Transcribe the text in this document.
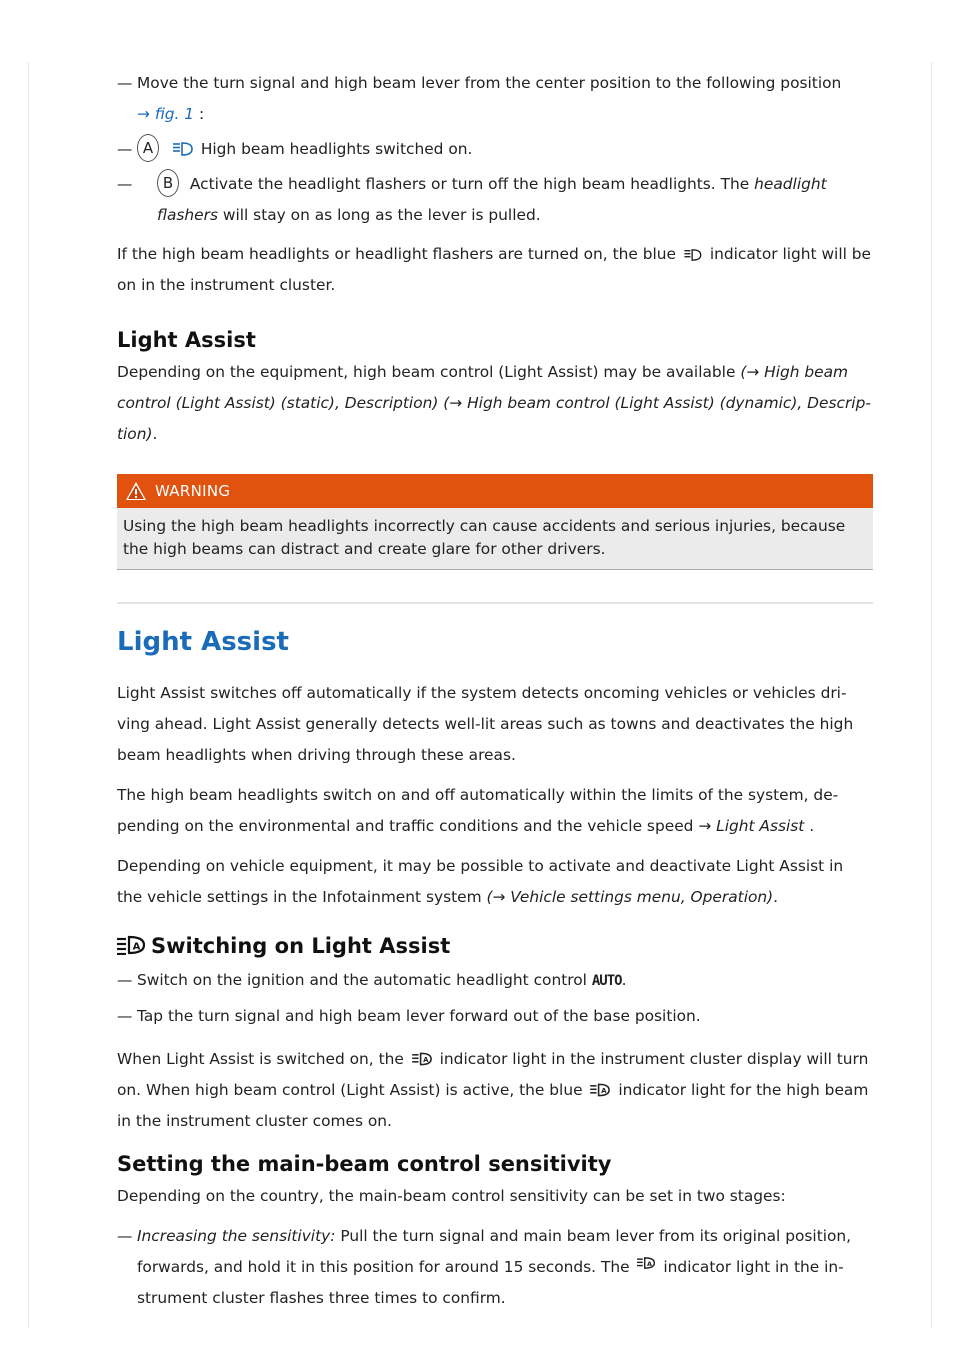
— Move the turn signal and high beam lever from the center position to the following position
→ fig. 1 :
— A	High beam headlights switched on.
— B Activate the headlight flashers or turn off the high beam headlights. The headlight flashers will stay on as long as the lever is pulled.

If the high beam headlights or headlight flashers are turned on, the blue indicator light will be on in the instrument cluster.

Light Assist

Depending on the equipment, high beam control (Light Assist) may be available (→ High beam control (Light Assist) (static), Description) (→ High beam control (Light Assist) (dynamic), Descrip-tion).

WARNING
Using the high beam headlights incorrectly can cause accidents and serious injuries, because the high beams can distract and create glare for other drivers.
Light Assist

Light Assist switches off automatically if the system detects oncoming vehicles or vehicles dri-ving ahead. Light Assist generally detects well-lit areas such as towns and deactivates the high beam headlights when driving through these areas.

The high beam headlights switch on and off automatically within the limits of the system, de-pending on the environmental and traffic conditions and the vehicle speed → Light Assist .

Depending on vehicle equipment, it may be possible to activate and deactivate Light Assist in the vehicle settings in the Infotainment system (→ Vehicle settings menu, Operation).

A Switching on Light Assist
— Switch on the ignition and the automatic headlight control AUTO.
— Tap the turn signal and high beam lever forward out of the base position.

When Light Assist is switched on, the A indicator light in the instrument cluster display will turn on. When high beam control (Light Assist) is active, the blue A indicator light for the high beam in the instrument cluster comes on.

Setting the main-beam control sensitivity

Depending on the country, the main-beam control sensitivity can be set in two stages:

— Increasing the sensitivity: Pull the turn signal and main beam lever from its original position, forwards, and hold it in this position for around 15 seconds. The A indicator light in the in-strument cluster flashes three times to confirm.
